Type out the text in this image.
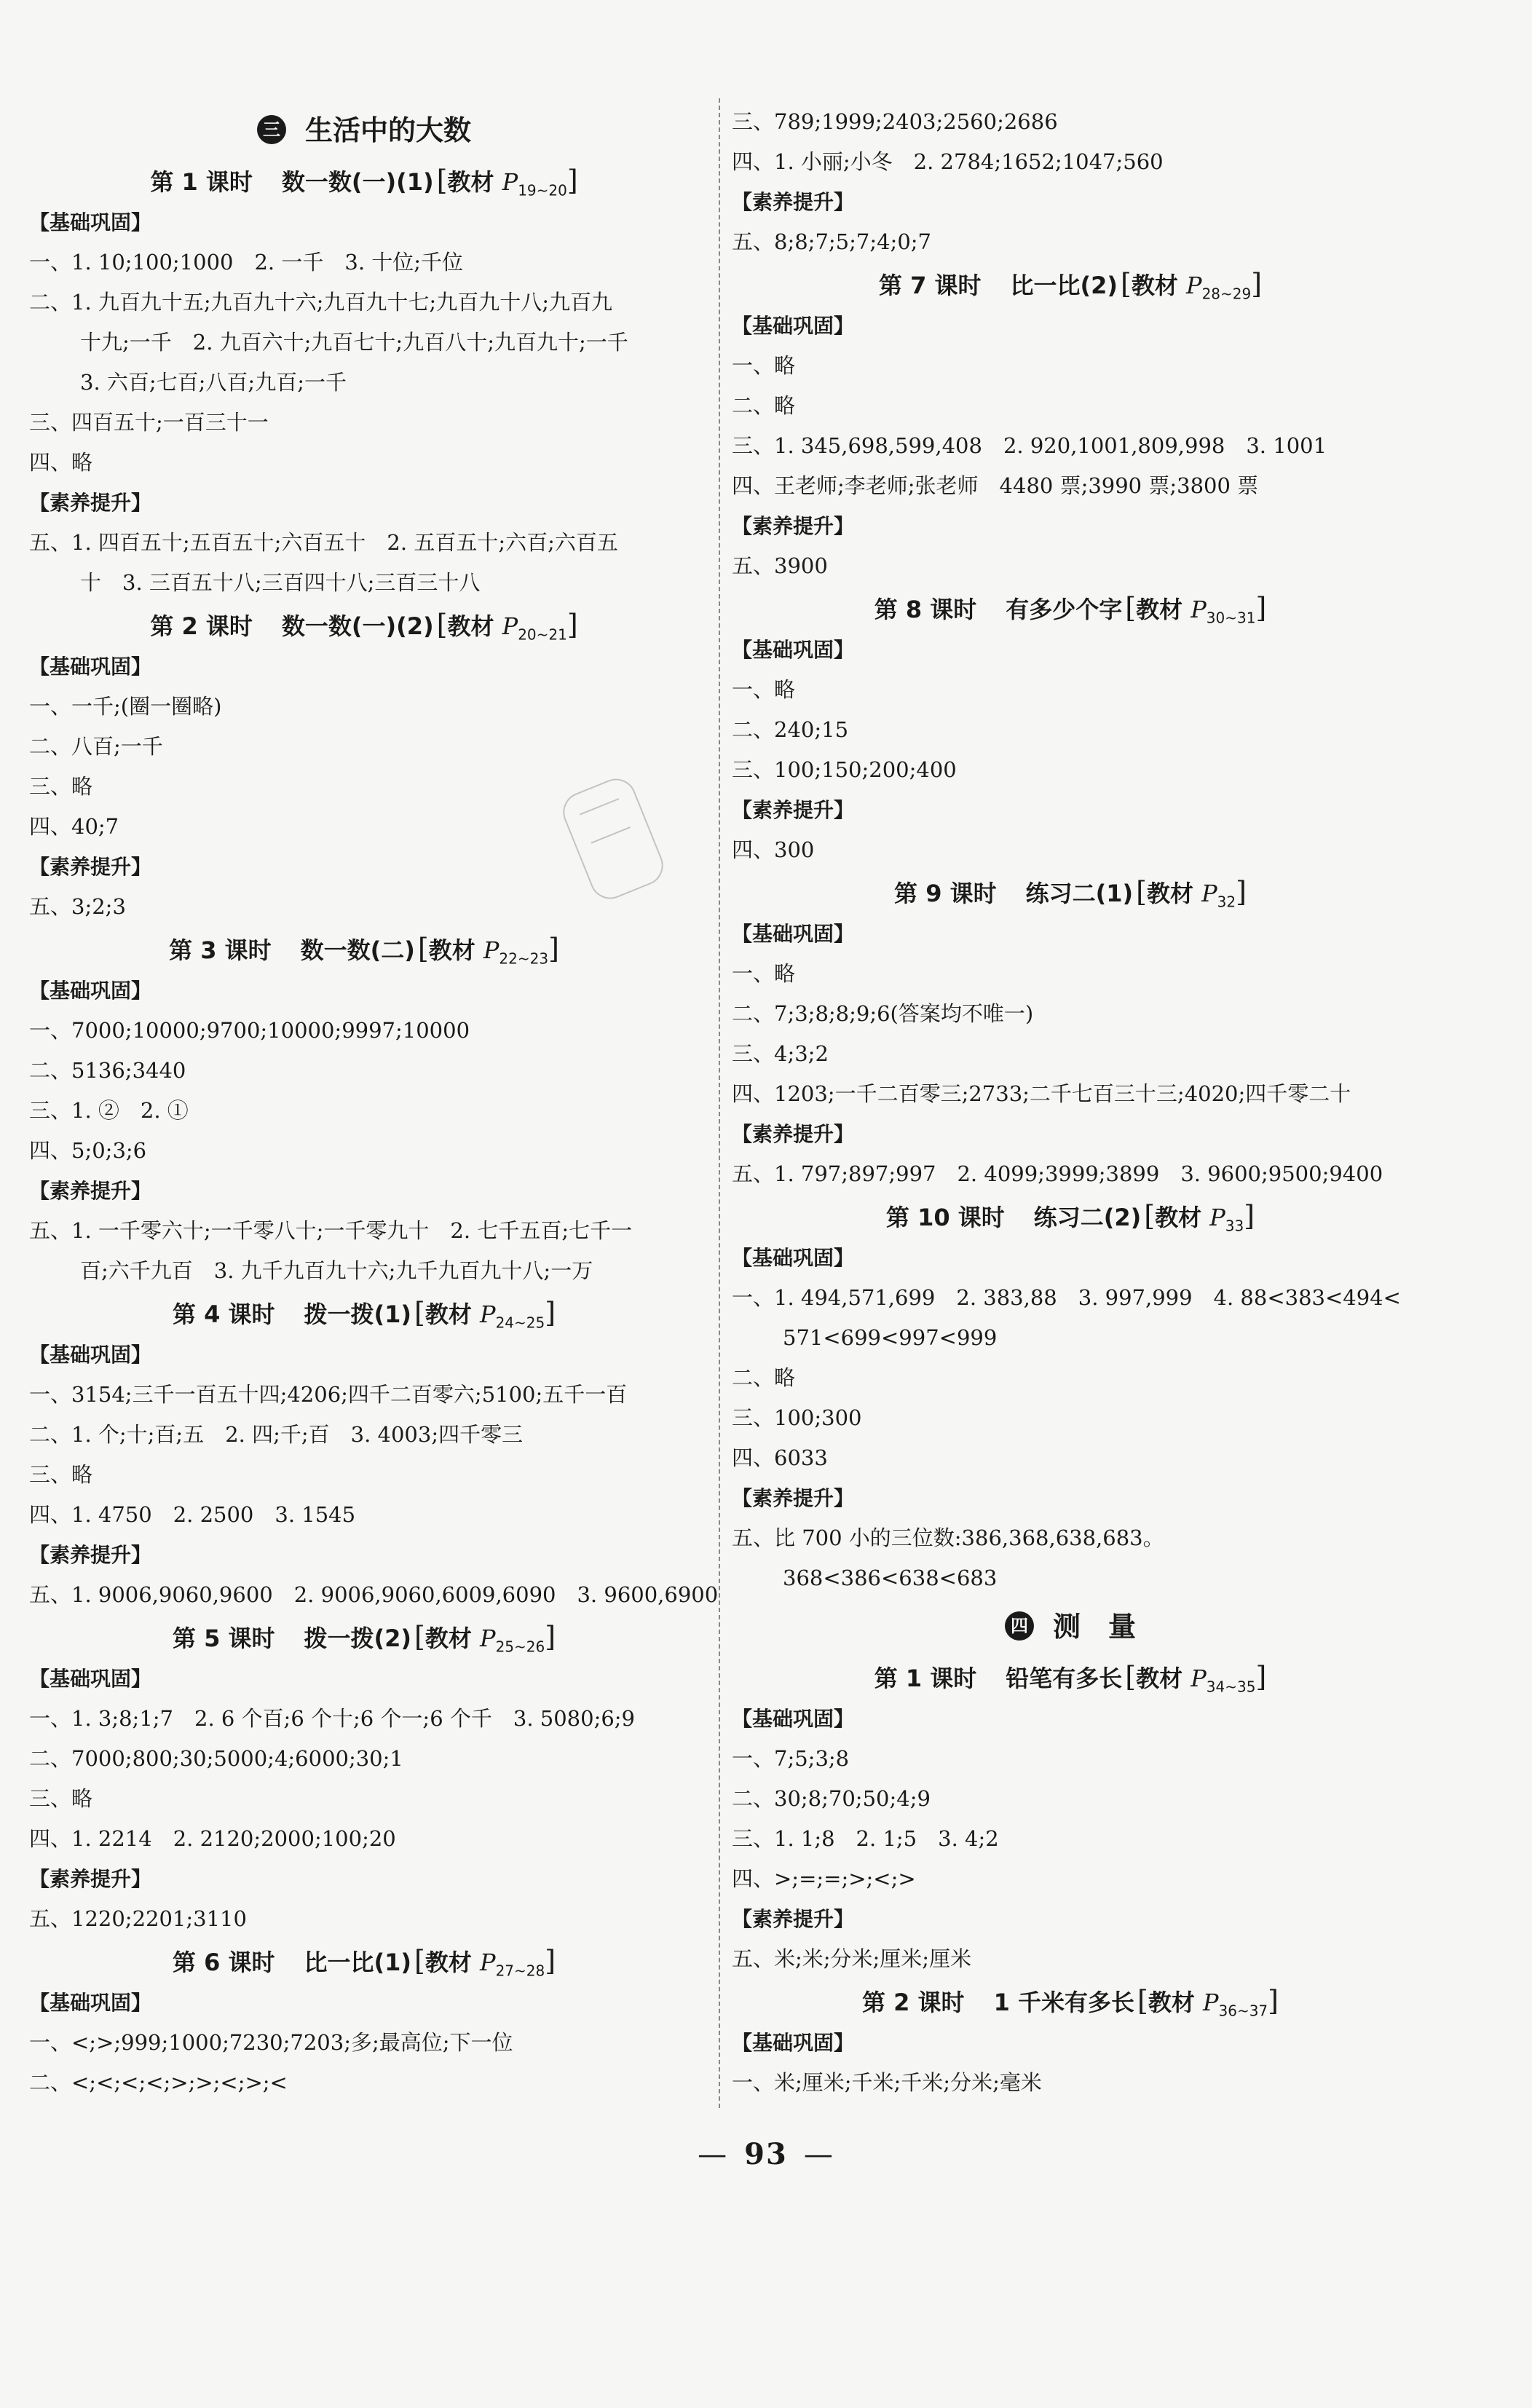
三 生活中的大数
第 1 课时 数一数(一)(1) [教材 $P_{19\sim 20}$]
【基础巩固】
一、1. 10;100;1000　2. 一千　3. 十位;千位
二、1. 九百九十五;九百九十六;九百九十七;九百九十八;九百九
十九;一千　2. 九百六十;九百七十;九百八十;九百九十;一千
3. 六百;七百;八百;九百;一千
三、四百五十;一百三十一
四、略
【素养提升】
五、1. 四百五十;五百五十;六百五十　2. 五百五十;六百;六百五
十　3. 三百五十八;三百四十八;三百三十八
第 2 课时 数一数(一)(2) [教材 $P_{20\sim 21}$]
【基础巩固】
一、一千;(圈一圈略)
二、八百;一千
三、略
四、40;7
【素养提升】
五、3;2;3
第 3 课时 数一数(二) [教材 $P_{22\sim 23}$]
【基础巩固】
一、7000;10000;9700;10000;9997;10000
二、5136;3440
三、1. ②　2. ①
四、5;0;3;6
【素养提升】
五、1. 一千零六十;一千零八十;一千零九十　2. 七千五百;七千一
百;六千九百　3. 九千九百九十六;九千九百九十八;一万
第 4 课时 拨一拨(1) [教材 $P_{24\sim 25}$]
【基础巩固】
一、3154;三千一百五十四;4206;四千二百零六;5100;五千一百
二、1. 个;十;百;五　2. 四;千;百　3. 4003;四千零三
三、略
四、1. 4750　2. 2500　3. 1545
【素养提升】
五、1. 9006,9060,9600　2. 9006,9060,6009,6090　3. 9600,6900
第 5 课时 拨一拨(2) [教材 $P_{25\sim 26}$]
【基础巩固】
一、1. 3;8;1;7　2. 6 个百;6 个十;6 个一;6 个千　3. 5080;6;9
二、7000;800;30;5000;4;6000;30;1
三、略
四、1. 2214　2. 2120;2000;100;20
【素养提升】
五、1220;2201;3110
第 6 课时 比一比(1) [教材 $P_{27\sim 28}$]
【基础巩固】
一、<;>;999;1000;7230;7203;多;最高位;下一位
二、<;<;<;<;>;>;<;>;<
三、789;1999;2403;2560;2686
四、1. 小丽;小冬　2. 2784;1652;1047;560
【素养提升】
五、8;8;7;5;7;4;0;7
第 7 课时 比一比(2) [教材 $P_{28\sim 29}$]
【基础巩固】
一、略
二、略
三、1. 345,698,599,408　2. 920,1001,809,998　3. 1001
四、王老师;李老师;张老师　4480 票;3990 票;3800 票
【素养提升】
五、3900
第 8 课时 有多少个字 [教材 $P_{30\sim 31}$]
【基础巩固】
一、略
二、240;15
三、100;150;200;400
【素养提升】
四、300
第 9 课时 练习二(1) [教材 $P_{32}$]
【基础巩固】
一、略
二、7;3;8;8;9;6(答案均不唯一)
三、4;3;2
四、1203;一千二百零三;2733;二千七百三十三;4020;四千零二十
【素养提升】
五、1. 797;897;997　2. 4099;3999;3899　3. 9600;9500;9400
第 10 课时 练习二(2) [教材 $P_{33}$]
【基础巩固】
一、1. 494,571,699　2. 383,88　3. 997,999　4. 88<383<494<
571<699<997<999
二、略
三、100;300
四、6033
【素养提升】
五、比 700 小的三位数:386,368,638,683。
368<386<638<683
四 测　量
第 1 课时 铅笔有多长 [教材 $P_{34\sim 35}$]
【基础巩固】
一、7;5;3;8
二、30;8;70;50;4;9
三、1. 1;8　2. 1;5　3. 4;2
四、>;=;=;>;<;>
【素养提升】
五、米;米;分米;厘米;厘米
第 2 课时 1 千米有多长 [教材 $P_{36\sim 37}$]
【基础巩固】
一、米;厘米;千米;千米;分米;毫米
— 93 —
